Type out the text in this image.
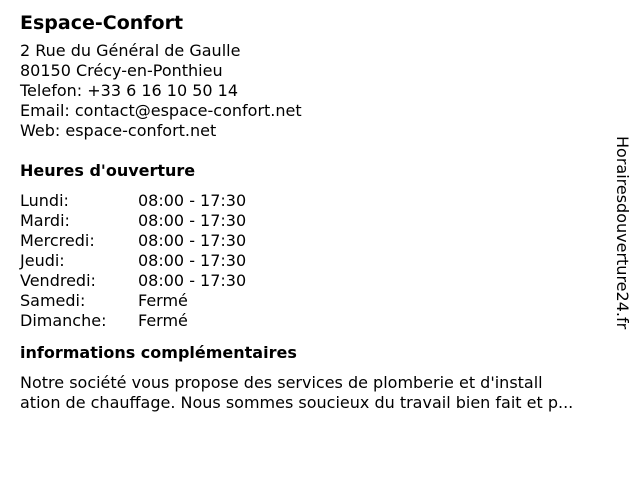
Espace-Confort
2 Rue du Général de Gaulle
80150 Crécy-en-Ponthieu
Telefon: +33 6 16 10 50 14
Email: contact@espace-confort.net
Web: espace-confort.net
Heures d'ouverture
Lundi:	08:00 - 17:30
Mardi:	08:00 - 17:30
Mercredi:	08:00 - 17:30
Jeudi:	08:00 - 17:30
Vendredi:	08:00 - 17:30
Samedi:	Fermé
Dimanche: Fermé
informations complémentaires
Notre société vous propose des services de plomberie et d'install
ation de chauffage. Nous sommes soucieux du travail bien fait et p...
Horairesdouverture24.fr
